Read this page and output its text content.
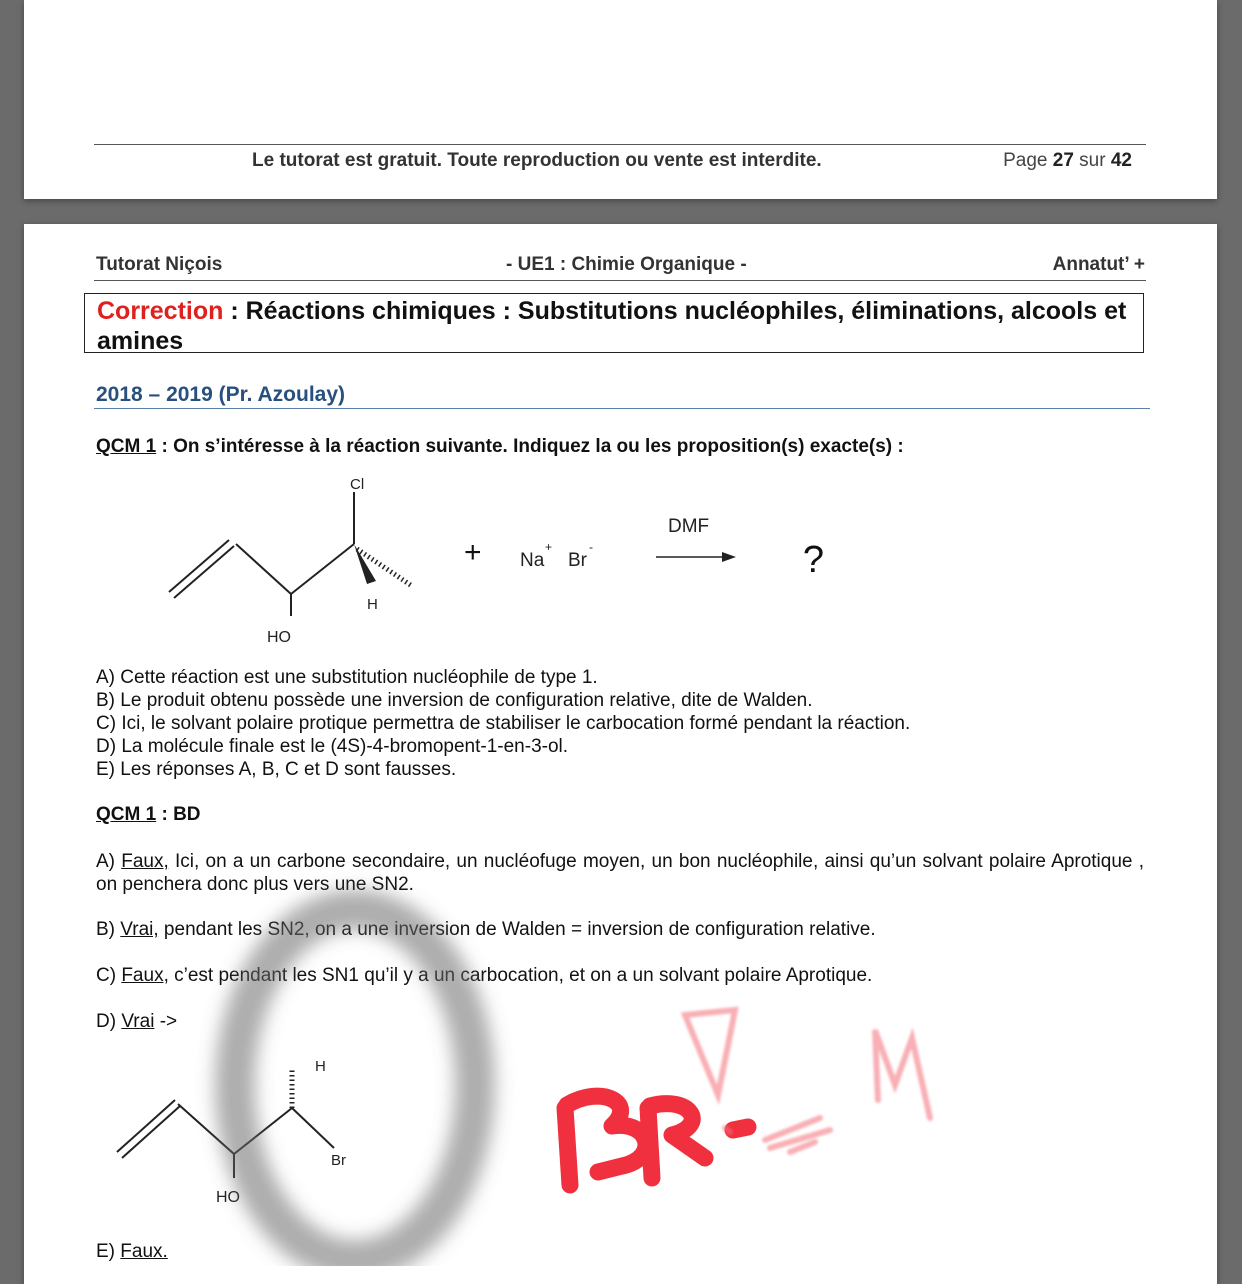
Le tutorat est gratuit. Toute reproduction ou vente est interdite.	Page 27 sur 42
Tutorat Niçois	- UE1 : Chimie Organique -	Annatut’ +
Correction : Réactions chimiques : Substitutions nucléophiles, éliminations, alcools et amines
2018 – 2019 (Pr. Azoulay)
QCM 1 : On s’intéresse à la réaction suivante. Indiquez la ou les proposition(s) exacte(s) :
Cl
H
HO
+ Na
+
Br
-
DMF
?
A) Cette réaction est une substitution nucléophile de type 1.
B) Le produit obtenu possède une inversion de configuration relative, dite de Walden.
C) Ici, le solvant polaire protique permettra de stabiliser le carbocation formé pendant la réaction.
D) La molécule finale est le (4S)-4-bromopent-1-en-3-ol.
E) Les réponses A, B, C et D sont fausses.
QCM 1 : BD
A) Faux, Ici, on a un carbone secondaire, un nucléofuge moyen, un bon nucléophile, ainsi qu’un solvant polaire Aprotique , on penchera donc plus vers une SN2.
B) Vrai, pendant les SN2, on a une inversion de Walden = inversion de configuration relative.
C) Faux, c’est pendant les SN1 qu’il y a un carbocation, et on a un solvant polaire Aprotique.
D) Vrai ->
H
Br
HO
E) Faux.
